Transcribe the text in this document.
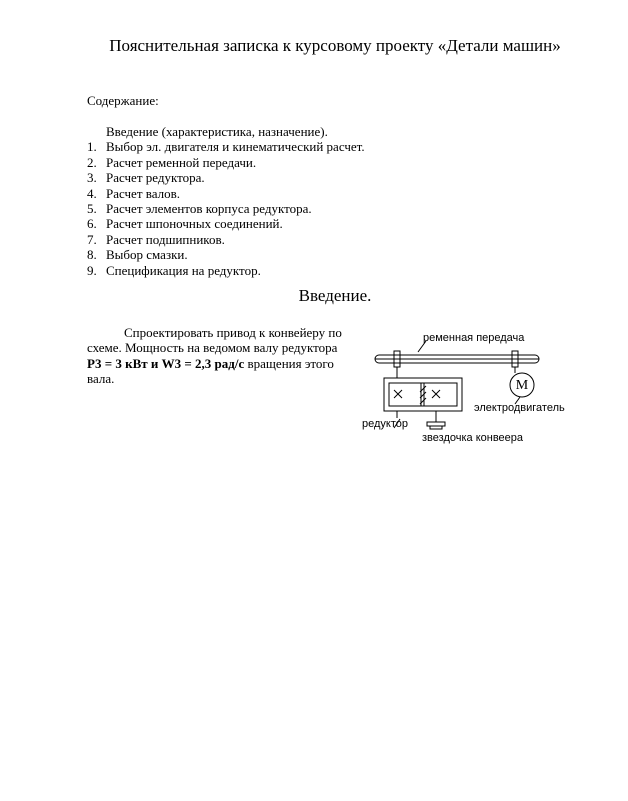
Пояснительная записка к курсовому проекту «Детали машин»
Содержание:
Введение (характеристика, назначение).
1. Выбор эл. двигателя и кинематический расчет.
2. Расчет ременной передачи.
3. Расчет редуктора.
4. Расчет валов.
5. Расчет элементов корпуса редуктора.
6. Расчет шпоночных соединений.
7. Расчет подшипников.
8. Выбор смазки.
9. Спецификация на редуктор.
Введение.

Спроектировать привод к конвейеру по схеме. Мощность на ведомом валу редуктора P3 = 3 кВт и W3 = 2,3 рад/с вращения этого вала.

ременная передача
M
электродвигатель
редуктор
звездочка конвеера
